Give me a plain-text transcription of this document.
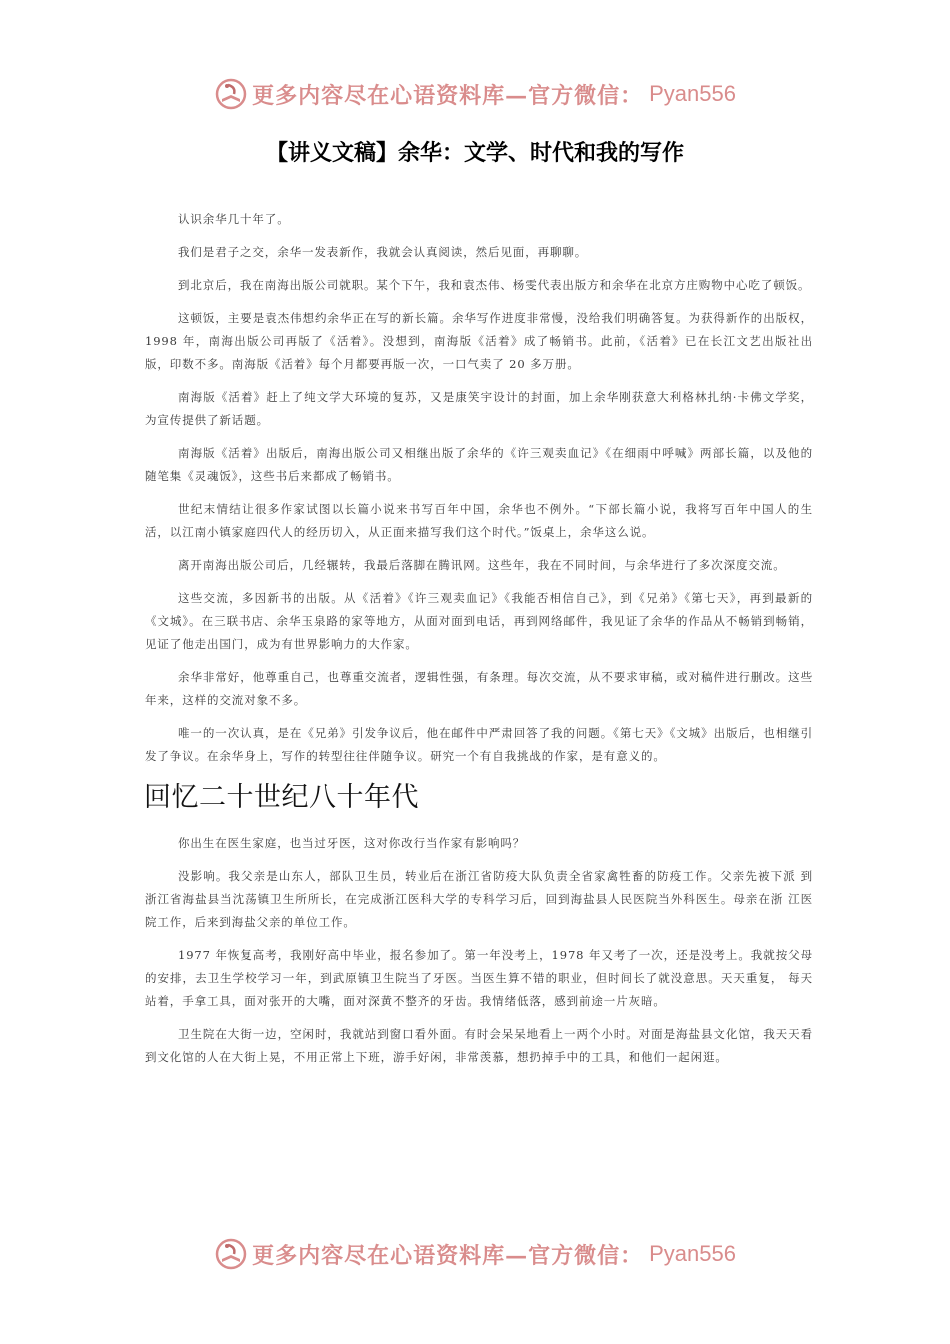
更多内容尽在心语资料库—官方微信： Pyan556
【讲义文稿】余华：文学、时代和我的写作

认识余华几十年了。

我们是君子之交，余华一发表新作，我就会认真阅读，然后见面，再聊聊。

到北京后，我在南海出版公司就职。某个下午，我和袁杰伟、杨雯代表出版方和余华在北京方庄购物中心吃了顿饭。

这顿饭，主要是袁杰伟想约余华正在写的新长篇。余华写作进度非常慢，没给我们明确答复。为获得新作的出版权，1998 年，南海出版公司再版了《活着》。没想到，南海版《活着》成了畅销书。此前，《活着》已在长江文艺出版社出版，印数不多。南海版《活着》每个月都要再版一次，一口气卖了 20 多万册。

南海版《活着》赶上了纯文学大环境的复苏，又是康笑宇设计的封面，加上余华刚获意大利格林扎纳·卡佛文学奖， 为宣传提供了新话题。

南海版《活着》出版后，南海出版公司又相继出版了余华的《许三观卖血记》《在细雨中呼喊》两部长篇，以及他的随笔集《灵魂饭》，这些书后来都成了畅销书。

世纪末情结让很多作家试图以长篇小说来书写百年中国，余华也不例外。“下部长篇小说，我将写百年中国人的生活，以江南小镇家庭四代人的经历切入，从正面来描写我们这个时代。”饭桌上，余华这么说。

离开南海出版公司后，几经辗转，我最后落脚在腾讯网。这些年，我在不同时间，与余华进行了多次深度交流。

这些交流，多因新书的出版。从《活着》《许三观卖血记》《我能否相信自己》，到《兄弟》《第七天》，再到最新的《文城》。在三联书店、余华玉泉路的家等地方，从面对面到电话，再到网络邮件，我见证了余华的作品从不畅销到畅销，见证了他走出国门，成为有世界影响力的大作家。

余华非常好，他尊重自己，也尊重交流者，逻辑性强，有条理。每次交流，从不要求审稿，或对稿件进行删改。这些年来，这样的交流对象不多。

唯一的一次认真，是在《兄弟》引发争议后，他在邮件中严肃回答了我的问题。《第七天》《文城》出版后，也相继引发了争议。在余华身上，写作的转型往往伴随争议。研究一个有自我挑战的作家，是有意义的。

回忆二十世纪八十年代

你出生在医生家庭，也当过牙医，这对你改行当作家有影响吗？

没影响。我父亲是山东人，部队卫生员，转业后在浙江省防疫大队负责全省家禽牲畜的防疫工作。父亲先被下派 到浙江省海盐县当沈荡镇卫生所所长，在完成浙江医科大学的专科学习后，回到海盐县人民医院当外科医生。母亲在浙 江医院工作，后来到海盐父亲的单位工作。

1977 年恢复高考，我刚好高中毕业，报名参加了。第一年没考上，1978 年又考了一次，还是没考上。我就按父母的安排，去卫生学校学习一年，到武原镇卫生院当了牙医。当医生算不错的职业，但时间长了就没意思。天天重复， 每天站着，手拿工具，面对张开的大嘴，面对深黄不整齐的牙齿。我情绪低落，感到前途一片灰暗。

卫生院在大街一边，空闲时，我就站到窗口看外面。有时会呆呆地看上一两个小时。对面是海盐县文化馆，我天天看到文化馆的人在大街上晃，不用正常上下班，游手好闲，非常羡慕，想扔掉手中的工具，和他们一起闲逛。

更多内容尽在心语资料库—官方微信： Pyan556
